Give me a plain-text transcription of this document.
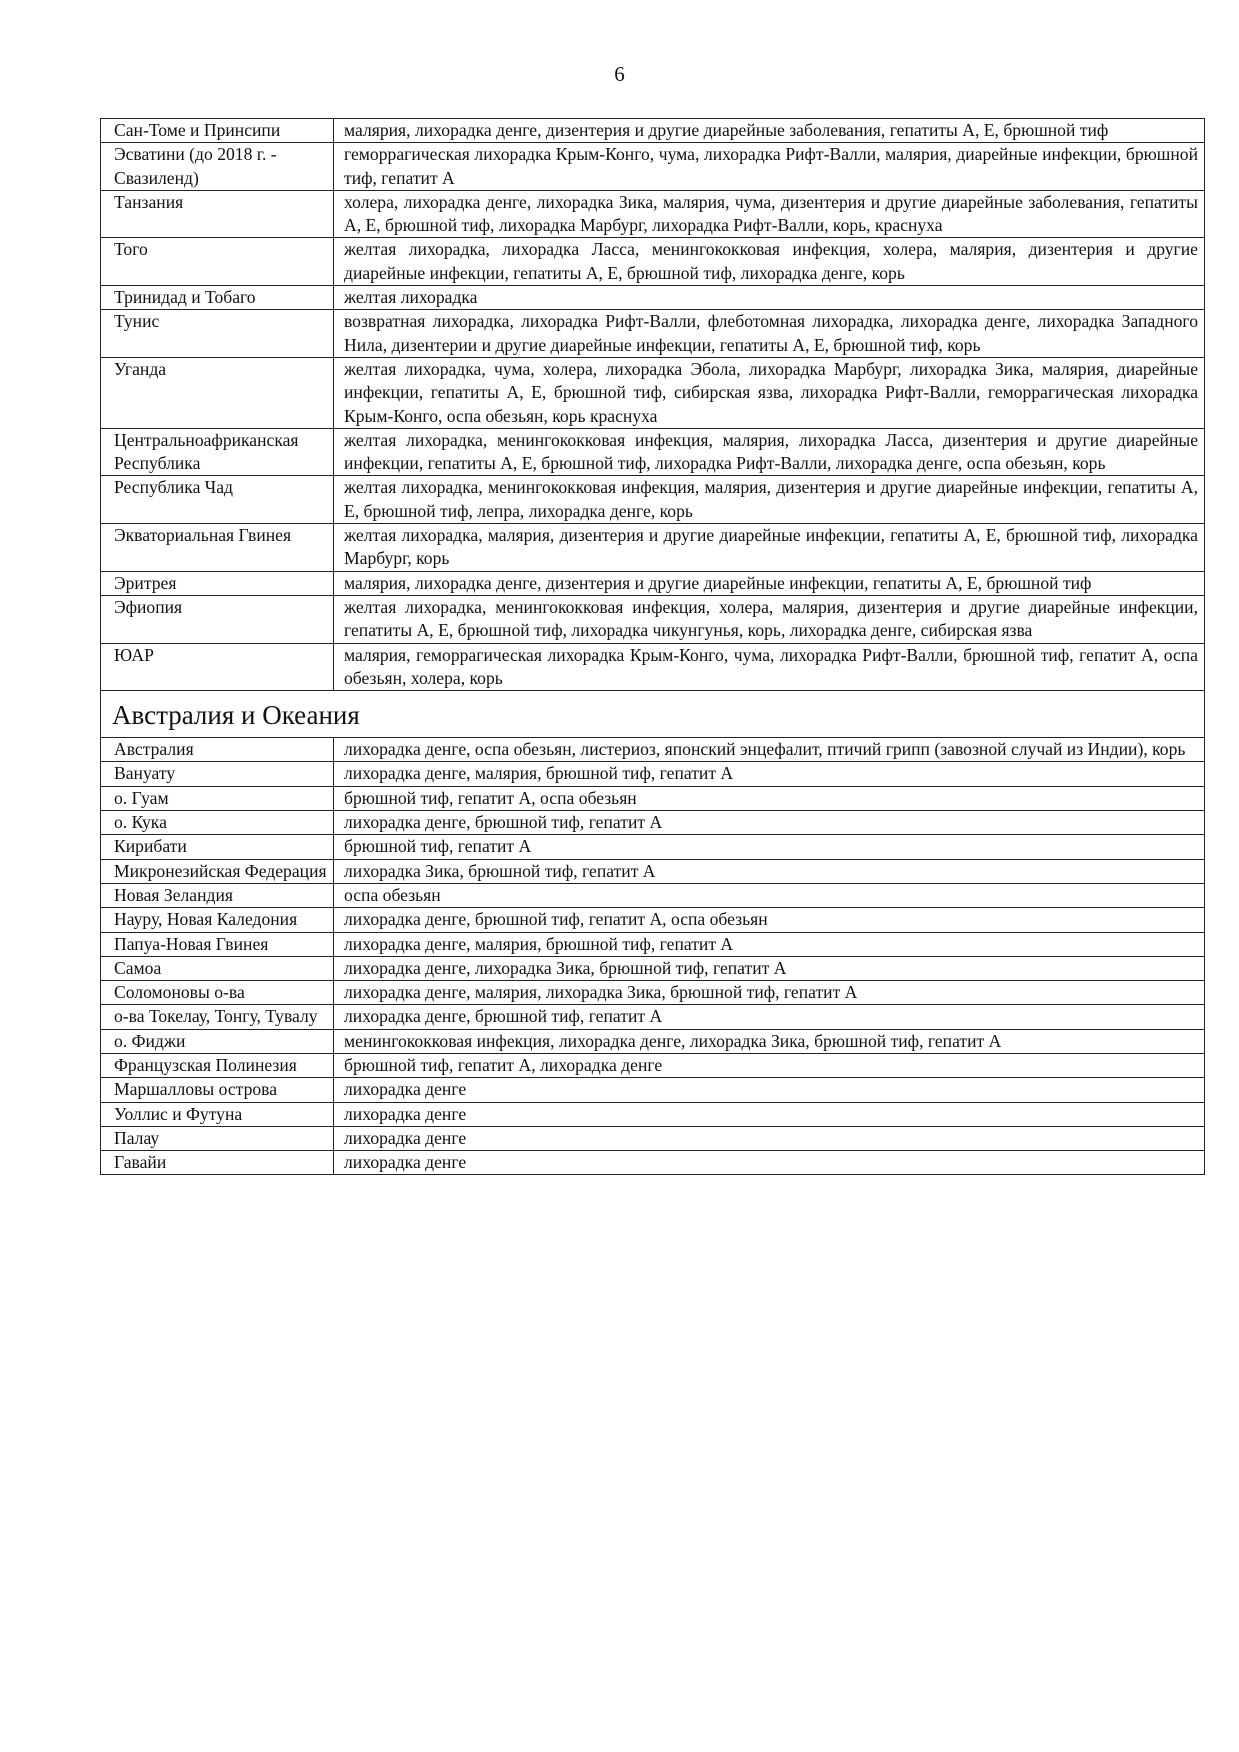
6
Сан-Томе и Принсипи	малярия, лихорадка денге, дизентерия и другие диарейные заболевания, гепатиты А, Е, брюшной тиф
Эсватини (до 2018 г. - Свазиленд)	геморрагическая лихорадка Крым-Конго, чума, лихорадка Рифт-Валли, малярия, диарейные инфекции, брюшной тиф, гепатит А
Танзания	холера, лихорадка денге, лихорадка Зика, малярия, чума, дизентерия и другие диарейные заболевания, гепатиты А, Е, брюшной тиф, лихорадка Марбург, лихорадка Рифт-Валли, корь, краснуха
Того	желтая лихорадка, лихорадка Ласса, менингококковая инфекция, холера, малярия, дизентерия и другие диарейные инфекции, гепатиты А, Е, брюшной тиф, лихорадка денге, корь
Тринидад и Тобаго	желтая лихорадка
Тунис	возвратная лихорадка, лихорадка Рифт-Валли, флеботомная лихорадка, лихорадка денге, лихорадка Западного Нила, дизентерии и другие диарейные инфекции, гепатиты А, Е, брюшной тиф, корь
Уганда	желтая лихорадка, чума, холера, лихорадка Эбола, лихорадка Марбург, лихорадка Зика, малярия, диарейные инфекции, гепатиты А, Е, брюшной тиф, сибирская язва, лихорадка Рифт-Валли, геморрагическая лихорадка Крым-Конго, оспа обезьян, корь краснуха
Центральноафриканская Республика	желтая лихорадка, менингококковая инфекция, малярия, лихорадка Ласса, дизентерия и другие диарейные инфекции, гепатиты А, Е, брюшной тиф, лихорадка Рифт-Валли, лихорадка денге, оспа обезьян, корь
Республика Чад	желтая лихорадка, менингококковая инфекция, малярия, дизентерия и другие диарейные инфекции, гепатиты А, Е, брюшной тиф, лепра, лихорадка денге, корь
Экваториальная Гвинея	желтая лихорадка, малярия, дизентерия и другие диарейные инфекции, гепатиты А, Е, брюшной тиф, лихорадка Марбург, корь
Эритрея	малярия, лихорадка денге, дизентерия и другие диарейные инфекции, гепатиты А, Е, брюшной тиф
Эфиопия	желтая лихорадка, менингококковая инфекция, холера, малярия, дизентерия и другие диарейные инфекции, гепатиты А, Е, брюшной тиф, лихорадка чикунгунья, корь, лихорадка денге, сибирская язва
ЮАР	малярия, геморрагическая лихорадка Крым-Конго, чума, лихорадка Рифт-Валли, брюшной тиф, гепатит А, оспа обезьян, холера, корь
Австралия и Океания	
Австралия	лихорадка денге, оспа обезьян, листериоз, японский энцефалит, птичий грипп (завозной случай из Индии), корь
Вануату	лихорадка денге, малярия, брюшной тиф, гепатит А
о. Гуам	брюшной тиф, гепатит А, оспа обезьян
о. Кука	лихорадка денге, брюшной тиф, гепатит А
Кирибати	брюшной тиф, гепатит А
Микронезийская Федерация	лихорадка Зика, брюшной тиф, гепатит А
Новая Зеландия	оспа обезьян
Науру, Новая Каледония	лихорадка денге, брюшной тиф, гепатит А, оспа обезьян
Папуа-Новая Гвинея	лихорадка денге, малярия, брюшной тиф, гепатит А
Самоа	лихорадка денге, лихорадка Зика, брюшной тиф, гепатит А
Соломоновы о-ва	лихорадка денге, малярия, лихорадка Зика, брюшной тиф, гепатит А
о-ва Токелау, Тонгу, Тувалу	лихорадка денге, брюшной тиф, гепатит А
о. Фиджи	менингококковая инфекция, лихорадка денге, лихорадка Зика, брюшной тиф, гепатит А
Французская Полинезия	брюшной тиф, гепатит А, лихорадка денге
Маршалловы острова	лихорадка денге
Уоллис и Футуна	лихорадка денге
Палау	лихорадка денге
Гавайи	лихорадка денге
